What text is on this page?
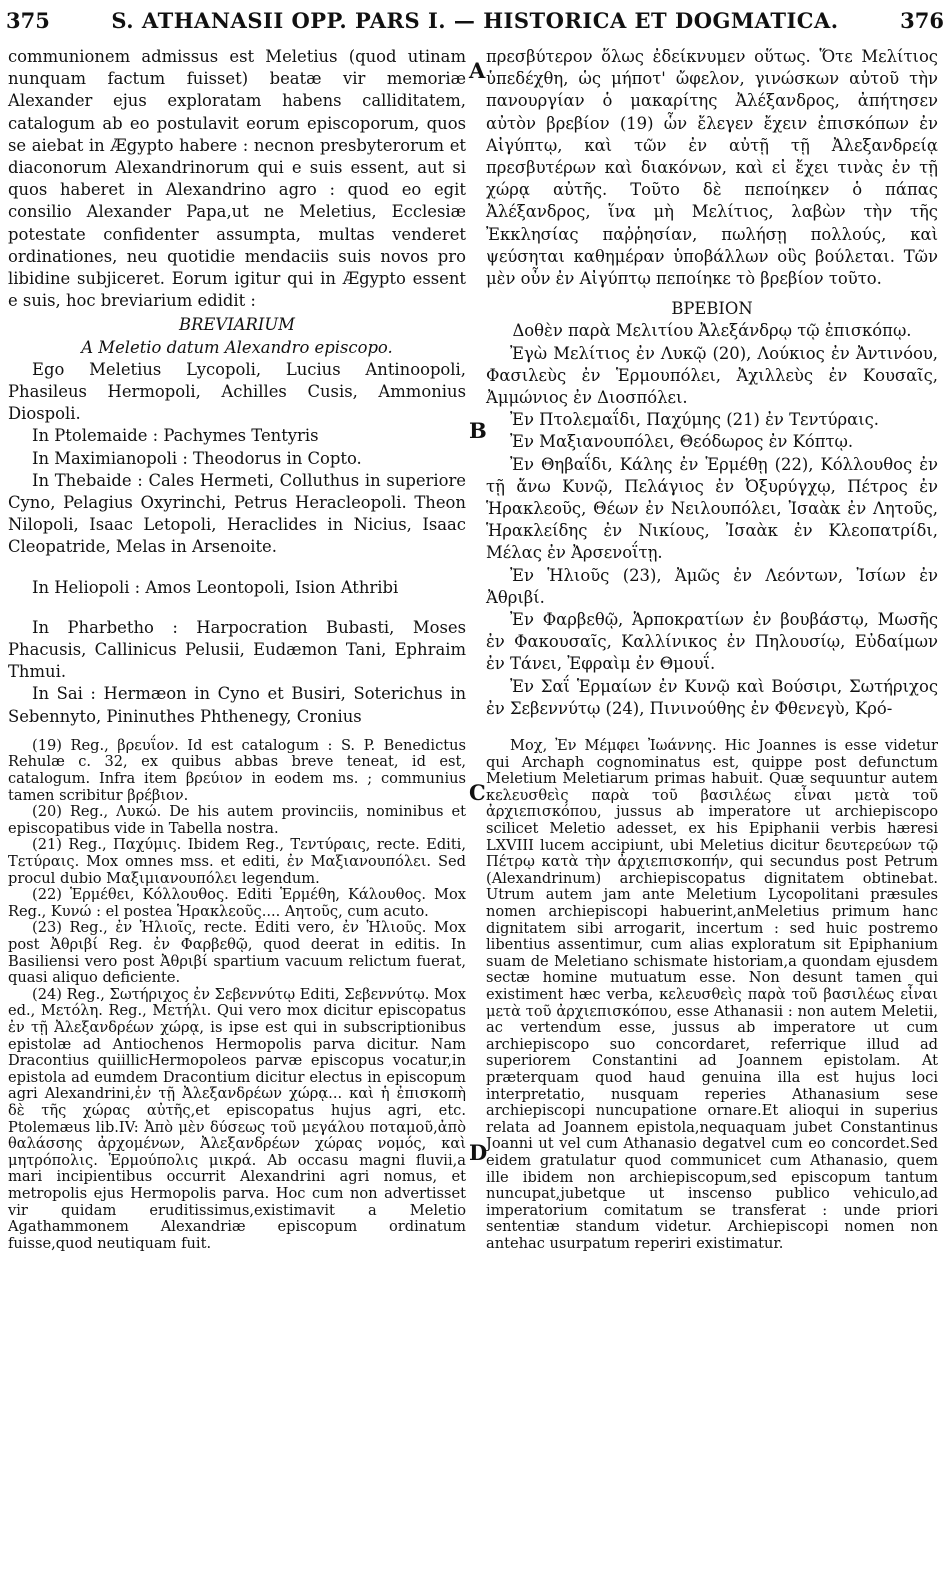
375	S. ATHANASII OPP. PARS I. — HISTORICA ET DOGMATICA.	376
A
B
C
D

communionem admissus est Meletius (quod utinam nunquam factum fuisset) beatæ vir memoriæ Alexander ejus exploratam habens calliditatem, catalogum ab eo postulavit eorum episcoporum, quos se aiebat in Ægypto habere : necnon presbyterorum et diaconorum Alexandrinorum qui e suis essent, aut si quos haberet in Alexandrino agro : quod eo egit consilio Alexander Papa,ut ne Meletius, Ecclesiæ potestate confidenter assumpta, multas venderet ordinationes, neu quotidie mendaciis suis novos pro libidine subjiceret. Eorum igitur qui in Ægypto essent e suis, hoc breviarium edidit :

BREVIARIUM

A Meletio datum Alexandro episcopo.

Ego Meletius Lycopoli, Lucius Antinoopoli, Phasileus Hermopoli, Achilles Cusis, Ammonius Diospoli.

In Ptolemaide : Pachymes Tentyris

In Maximianopoli : Theodorus in Copto.

In Thebaide : Cales Hermeti, Colluthus in superiore Cyno, Pelagius Oxyrinchi, Petrus Heracleopoli. Theon Nilopoli, Isaac Letopoli, Heraclides in Nicius, Isaac Cleopatride, Melas in Arsenoite.

In Heliopoli : Amos Leontopoli, Ision Athribi

In Pharbetho : Harpocration Bubasti, Moses Phacusis, Callinicus Pelusii, Eudæmon Tani, Ephraim Thmui.

In Sai : Hermæon in Cyno et Busiri, Soterichus in Sebennyto, Pininuthes Phthenegy, Cronius

(19) Reg., βρευΐον. Id est catalogum : S. P. Benedictus Rehulæ c. 32, ex quibus abbas breve teneat, id est, catalogum. Infra item βρεύιον in eodem ms. ; communius tamen scribitur βρέβιον.

(20) Reg., Λυκώ. De his autem provinciis, nominibus et episcopatibus vide in Tabella nostra.

(21) Reg., Παχύμις. Ibidem Reg., Τεντύραις, recte. Editi, Τετύραις. Mox omnes mss. et editi, ἐν Μαξιανουπόλει. Sed procul dubio Μαξιμιανουπόλει legendum.

(22) Ἑρμέθει, Κόλλουθος. Editi Ἑρμέθη, Κάλουθος. Mox Reg., Κυνώ : el postea Ἡρακλεοῦς.... Αητοῦς, cum acuto.

(23) Reg., ἐν Ἡλιοῖς, recte. Editi vero, ἐν Ἡλιοῦς. Mox post Ἀθριβί Reg. ἐν Φαρβεθῷ, quod deerat in editis. In Basiliensi vero post Ἀθριβί spartium vacuum relictum fuerat, quasi aliquo deficiente.

(24) Reg., Σωτήριχος ἐν Σεβεννύτῳ Editi, Σεβεννύτῳ. Mox ed., Μετόλη. Reg., Μετήλι. Qui vero mox dicitur episcopatus ἐν τῇ Ἀλεξανδρέων χώρᾳ, is ipse est qui in subscriptionibus epistolæ ad Antiochenos Hermopolis parva dicitur. Nam Dracontius quiillicHermopoleos parvæ episcopus vocatur,in epistola ad eumdem Dracontium dicitur electus in episcopum agri Alexandrini,ἐν τῇ Ἀλεξανδρέων χώρᾳ... καὶ ἡ ἐπισκοπὴ δὲ τῆς χώρας αὐτῆς,et episcopatus hujus agri, etc. Ptolemæus lib.IV: Ἀπὸ μὲν δύσεως τοῦ μεγάλου ποταμοῦ,ἀπὸ θαλάσσης ἀρχομένων, Ἀλεξανδρέων χώρας νομός, καὶ μητρόπολις. Ἑρμούπολις μικρά. Ab occasu magni fluvii,a mari incipientibus occurrit Alexandrini agri nomus, et metropolis ejus Hermopolis parva. Hoc cum non advertisset vir quidam eruditissimus,existimavit a Meletio Agathammonem Alexandriæ episcopum ordinatum fuisse,quod neutiquam fuit.

πρεσβύτερον ὅλως ἐδείκνυμεν οὕτως. Ὅτε Μελίτιος ὑπεδέχθη, ὡς μήποτ' ὤφελον, γινώσκων αὐτοῦ τὴν πανουργίαν ὁ μακαρίτης Ἀλέξανδρος, ἀπήτησεν αὐτὸν βρεβίον (19) ὧν ἔλεγεν ἔχειν ἐπισκόπων ἐν Αἰγύπτῳ, καὶ τῶν ἐν αὐτῇ τῇ Ἀλεξανδρείᾳ πρεσβυτέρων καὶ διακόνων, καὶ εἰ ἔχει τινὰς ἐν τῇ χώρᾳ αὐτῆς. Τοῦτο δὲ πεποίηκεν ὁ πάπας Ἀλέξανδρος, ἵνα μὴ Μελίτιος, λαβὼν τὴν τῆς Ἐκκλησίας παῤῥησίαν, πωλήσῃ πολλούς, καὶ ψεύσηται καθημέραν ὑποβάλλων οὓς βούλεται. Τῶν μὲν οὖν ἐν Αἰγύπτῳ πεποίηκε τὸ βρεβίον τοῦτο.

ΒΡΕΒΙΟΝ

Δοθὲν παρὰ Μελιτίου Ἀλεξάνδρῳ τῷ ἐπισκόπῳ.

Ἐγὼ Μελίτιος ἐν Λυκῷ (20), Λούκιος ἐν Ἀντινόου, Φασιλεὺς ἐν Ἑρμουπόλει, Ἀχιλλεὺς ἐν Κουσαῖς, Ἀμμώνιος ἐν Διοσπόλει.

Ἐν Πτολεμαΐδι, Παχύμης (21) ἐν Τεντύραις.

Ἐν Μαξιανουπόλει, Θεόδωρος ἐν Κόπτῳ.

Ἐν Θηβαΐδι, Κάλης ἐν Ἑρμέθῃ (22), Κόλλουθος ἐν τῇ ἄνω Κυνῷ, Πελάγιος ἐν Ὀξυρύγχῳ, Πέτρος ἐν Ἡρακλεοῦς, Θέων ἐν Νειλουπόλει, Ἰσαὰκ ἐν Λητοῦς, Ἡρακλείδης ἐν Νικίους, Ἰσαὰκ ἐν Κλεοπατρίδι, Μέλας ἐν Ἀρσενοΐτῃ.

Ἐν Ἡλιοῦς (23), Ἀμῶς ἐν Λεόντων, Ἰσίων ἐν Ἀθριβί.

Ἐν Φαρβεθῷ, Ἁρποκρατίων ἐν βουβάστῳ, Μωσῆς ἐν Φακουσαῖς, Καλλίνικος ἐν Πηλουσίῳ, Εὐδαίμων ἐν Τάνει, Ἐφραὶμ ἐν Θμουΐ.

Ἐν Σαΐ Ἑρμαίων ἐν Κυνῷ καὶ Βούσιρι, Σωτήριχος ἐν Σεβεννύτῳ (24), Πινινούθης ἐν Φθενεγὺ, Κρό-

Μοχ, Ἐν Μέμφει Ἰωάννης. Hic Joannes is esse videtur qui Archaph cognominatus est, quippe post defunctum Meletium Meletiarum primas habuit. Quæ sequuntur autem κελευσθεὶς παρὰ τοῦ βασιλέως εἶναι μετὰ τοῦ ἀρχιεπισκόπου, jussus ab imperatore ut archiepiscopo scilicet Meletio adesset, ex his Epiphanii verbis hæresi LXVIII lucem accipiunt, ubi Meletius dicitur δευτερεύων τῷ Πέτρῳ κατὰ τὴν ἀρχιεπισκοπήν, qui secundus post Petrum (Alexandrinum) archiepiscopatus dignitatem obtinebat. Utrum autem jam ante Meletium Lycopolitani præsules nomen archiepiscopi habuerint,anMeletius primum hanc dignitatem sibi arrogarit, incertum : sed huic postremo libentius assentimur, cum alias exploratum sit Epiphanium suam de Meletiano schismate historiam,a quondam ejusdem sectæ homine mutuatum esse. Non desunt tamen qui existiment hæc verba, κελευσθεὶς παρὰ τοῦ βασιλέως εἶναι μετὰ τοῦ ἀρχιεπισκόπου, esse Athanasii : non autem Meletii, ac vertendum esse, jussus ab imperatore ut cum archiepiscopo suo concordaret, referrique illud ad superiorem Constantini ad Joannem epistolam. At præterquam quod haud genuina illa est hujus loci interpretatio, nusquam reperies Athanasium sese archiepiscopi nuncupatione ornare.Et alioqui in superius relata ad Joannem epistola,nequaquam jubet Constantinus Joanni ut vel cum Athanasio degatvel cum eo concordet.Sed eidem gratulatur quod communicet cum Athanasio, quem ille ibidem non archiepiscopum,sed episcopum tantum nuncupat,jubetque ut inscenso publico vehiculo,ad imperatorium comitatum se transferat : unde priori sententiæ standum videtur. Archiepiscopi nomen non antehac usurpatum reperiri existimatur.
